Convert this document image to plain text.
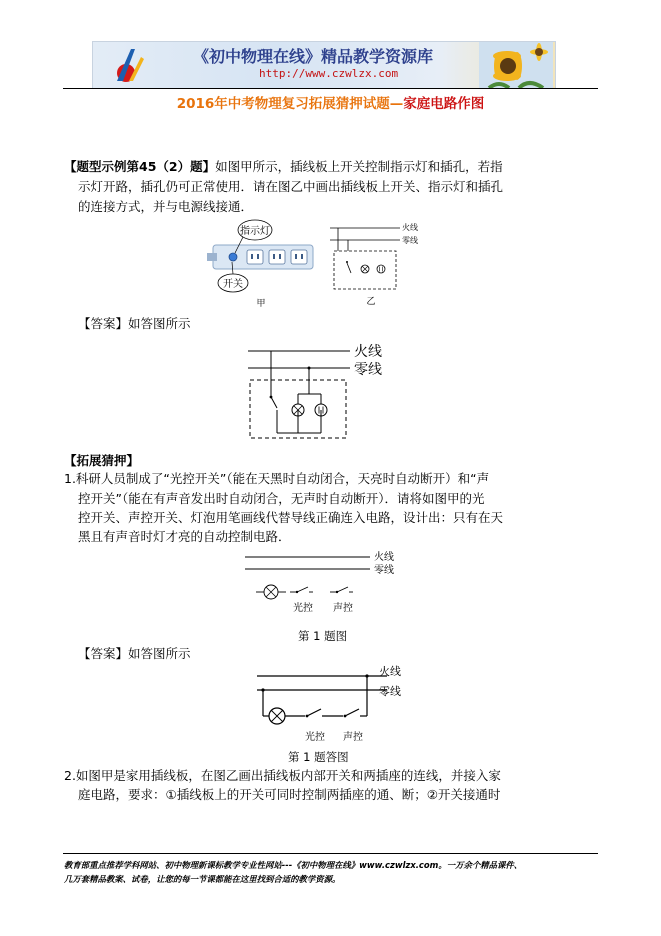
《初中物理在线》精品教学资源库
http://www.czwlzx.com
2016年中考物理复习拓展猜押试题—家庭电路作图
【题型示例第45（2）题】如图甲所示，插线板上开关控制指示灯和插孔，若指
示灯开路，插孔仍可正常使用．请在图乙中画出插线板上开关、指示灯和插孔
的连接方式，并与电源线接通．
指示灯
开关
甲
火线
零线
乙
【答案】如答图所示
火线
零线
【拓展猜押】
1.科研人员制成了“光控开关”（能在天黑时自动闭合，天亮时自动断开）和“声
控开关”（能在有声音发出时自动闭合，无声时自动断开）．请将如图甲的光
控开关、声控开关、灯泡用笔画线代替导线正确连入电路，设计出：只有在天
黑且有声音时灯才亮的自动控制电路．
火线
零线
光控 声控
第 1 题图
【答案】如答图所示
火线
零线
光控 声控
第 1 题答图
2.如图甲是家用插线板，在图乙画出插线板内部开关和两插座的连线，并接入家
庭电路，要求：①插线板上的开关可同时控制两插座的通、断；②开关接通时
教育部重点推荐学科网站、初中物理新课标教学专业性网站---《初中物理在线》www.czwlzx.com。一万余个精品课件、
几万套精品教案、试卷，让您的每一节课都能在这里找到合适的教学资源。
